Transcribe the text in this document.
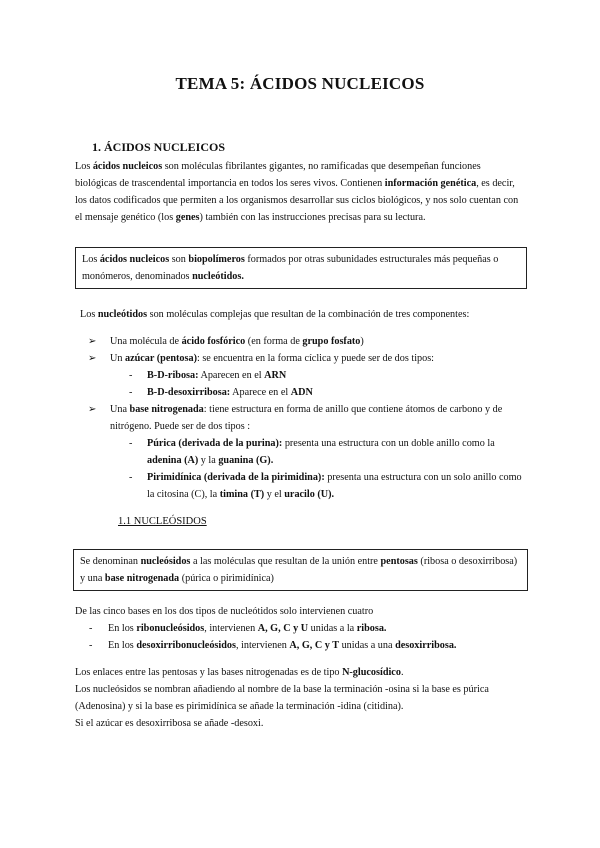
TEMA 5: ÁCIDOS NUCLEICOS
1. ÁCIDOS NUCLEICOS
Los ácidos nucleicos son moléculas fibrilantes gigantes, no ramificadas que desempeñan funciones biológicas de trascendental importancia en todos los seres vivos. Contienen información genética, es decir, los datos codificados que permiten a los organismos desarrollar sus ciclos biológicos, y nos solo cuentan con el mensaje genético (los genes) también con las instrucciones precisas para su lectura.
Los ácidos nucleicos son biopolímeros formados por otras subunidades estructurales más pequeñas o monómeros, denominados nucleótidos.
Los nucleótidos son moléculas complejas que resultan de la combinación de tres componentes:
➢ Una molécula de ácido fosfórico (en forma de grupo fosfato)
➢ Un azúcar (pentosa): se encuentra en la forma cíclica y puede ser de dos tipos:
- B-D-ribosa: Aparecen en el ARN
- B-D-desoxirribosa: Aparece en el ADN
➢ Una base nitrogenada: tiene estructura en forma de anillo que contiene átomos de carbono y de nitrógeno. Puede ser de dos tipos :
- Púrica (derivada de la purina): presenta una estructura con un doble anillo como la adenina (A) y la guanina (G).
- Pirimidínica (derivada de la pirimidina): presenta una estructura con un solo anillo como la citosina (C), la timina (T) y el uracilo (U).
1.1 NUCLEÓSIDOS
Se denominan nucleósidos a las moléculas que resultan de la unión entre pentosas (ribosa o desoxirribosa) y una base nitrogenada (púrica o pirimidínica)
De las cinco bases en los dos tipos de nucleótidos solo intervienen cuatro
- En los ribonucleósidos, intervienen A, G, C y U unidas a la ribosa.
- En los desoxirribonucleósidos, intervienen A, G, C y T unidas a una desoxirribosa.
Los enlaces entre las pentosas y las bases nitrogenadas es de tipo N-glucosídico.
Los nucleósidos se nombran añadiendo al nombre de la base la terminación -osina si la base es púrica (Adenosina) y si la base es pirimidínica se añade la terminación -idina (citidina).
Si el azúcar es desoxirribosa se añade -desoxi.
